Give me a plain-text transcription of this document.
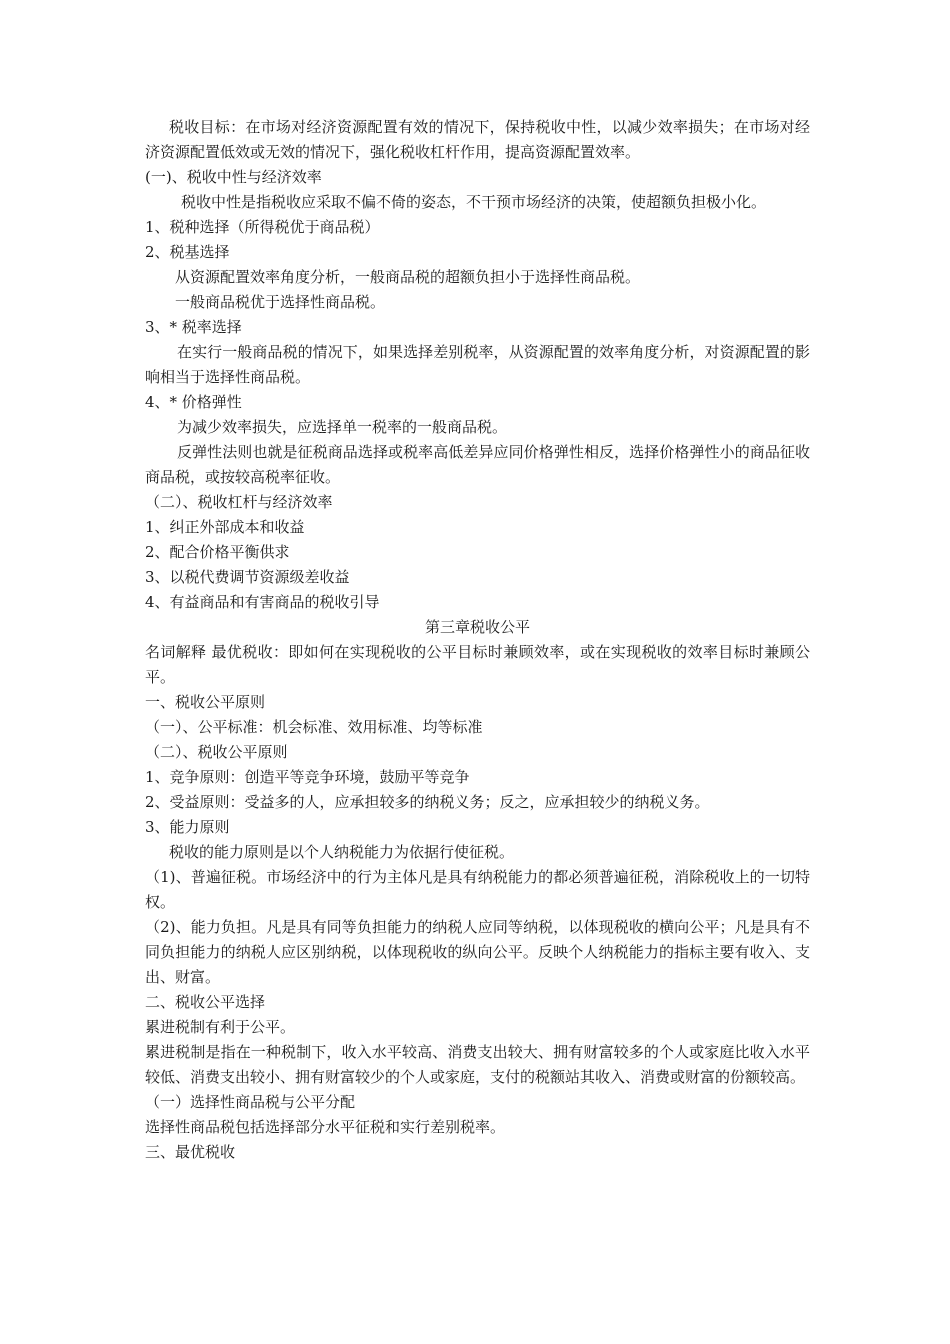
税收目标：在市场对经济资源配置有效的情况下，保持税收中性，以减少效率损失；在市场对经济资源配置低效或无效的情况下，强化税收杠杆作用，提高资源配置效率。

(一)、税收中性与经济效率

税收中性是指税收应采取不偏不倚的姿态，不干预市场经济的决策，使超额负担极小化。

1、税种选择（所得税优于商品税）

2、税基选择

从资源配置效率角度分析，一般商品税的超额负担小于选择性商品税。

一般商品税优于选择性商品税。

3、* 税率选择

在实行一般商品税的情况下，如果选择差别税率，从资源配置的效率角度分析，对资源配置的影响相当于选择性商品税。

4、* 价格弹性

为减少效率损失，应选择单一税率的一般商品税。

反弹性法则也就是征税商品选择或税率高低差异应同价格弹性相反，选择价格弹性小的商品征收商品税，或按较高税率征收。

（二）、税收杠杆与经济效率

1、纠正外部成本和收益

2、配合价格平衡供求

3、以税代费调节资源级差收益

4、有益商品和有害商品的税收引导

第三章税收公平

名词解释 最优税收：即如何在实现税收的公平目标时兼顾效率，或在实现税收的效率目标时兼顾公平。

一、税收公平原则

（一）、公平标准：机会标准、效用标准、均等标准

（二）、税收公平原则

1、竞争原则：创造平等竞争环境，鼓励平等竞争

2、受益原则：受益多的人，应承担较多的纳税义务；反之，应承担较少的纳税义务。

3、能力原则

税收的能力原则是以个人纳税能力为依据行使征税。

（1)、普遍征税。市场经济中的行为主体凡是具有纳税能力的都必须普遍征税，消除税收上的一切特权。

（2)、能力负担。凡是具有同等负担能力的纳税人应同等纳税，以体现税收的横向公平；凡是具有不同负担能力的纳税人应区别纳税，以体现税收的纵向公平。反映个人纳税能力的指标主要有收入、支出、财富。

二、税收公平选择

累进税制有利于公平。

累进税制是指在一种税制下，收入水平较高、消费支出较大、拥有财富较多的个人或家庭比收入水平较低、消费支出较小、拥有财富较少的个人或家庭，支付的税额站其收入、消费或财富的份额较高。

（一）选择性商品税与公平分配

选择性商品税包括选择部分水平征税和实行差别税率。

三、最优税收
